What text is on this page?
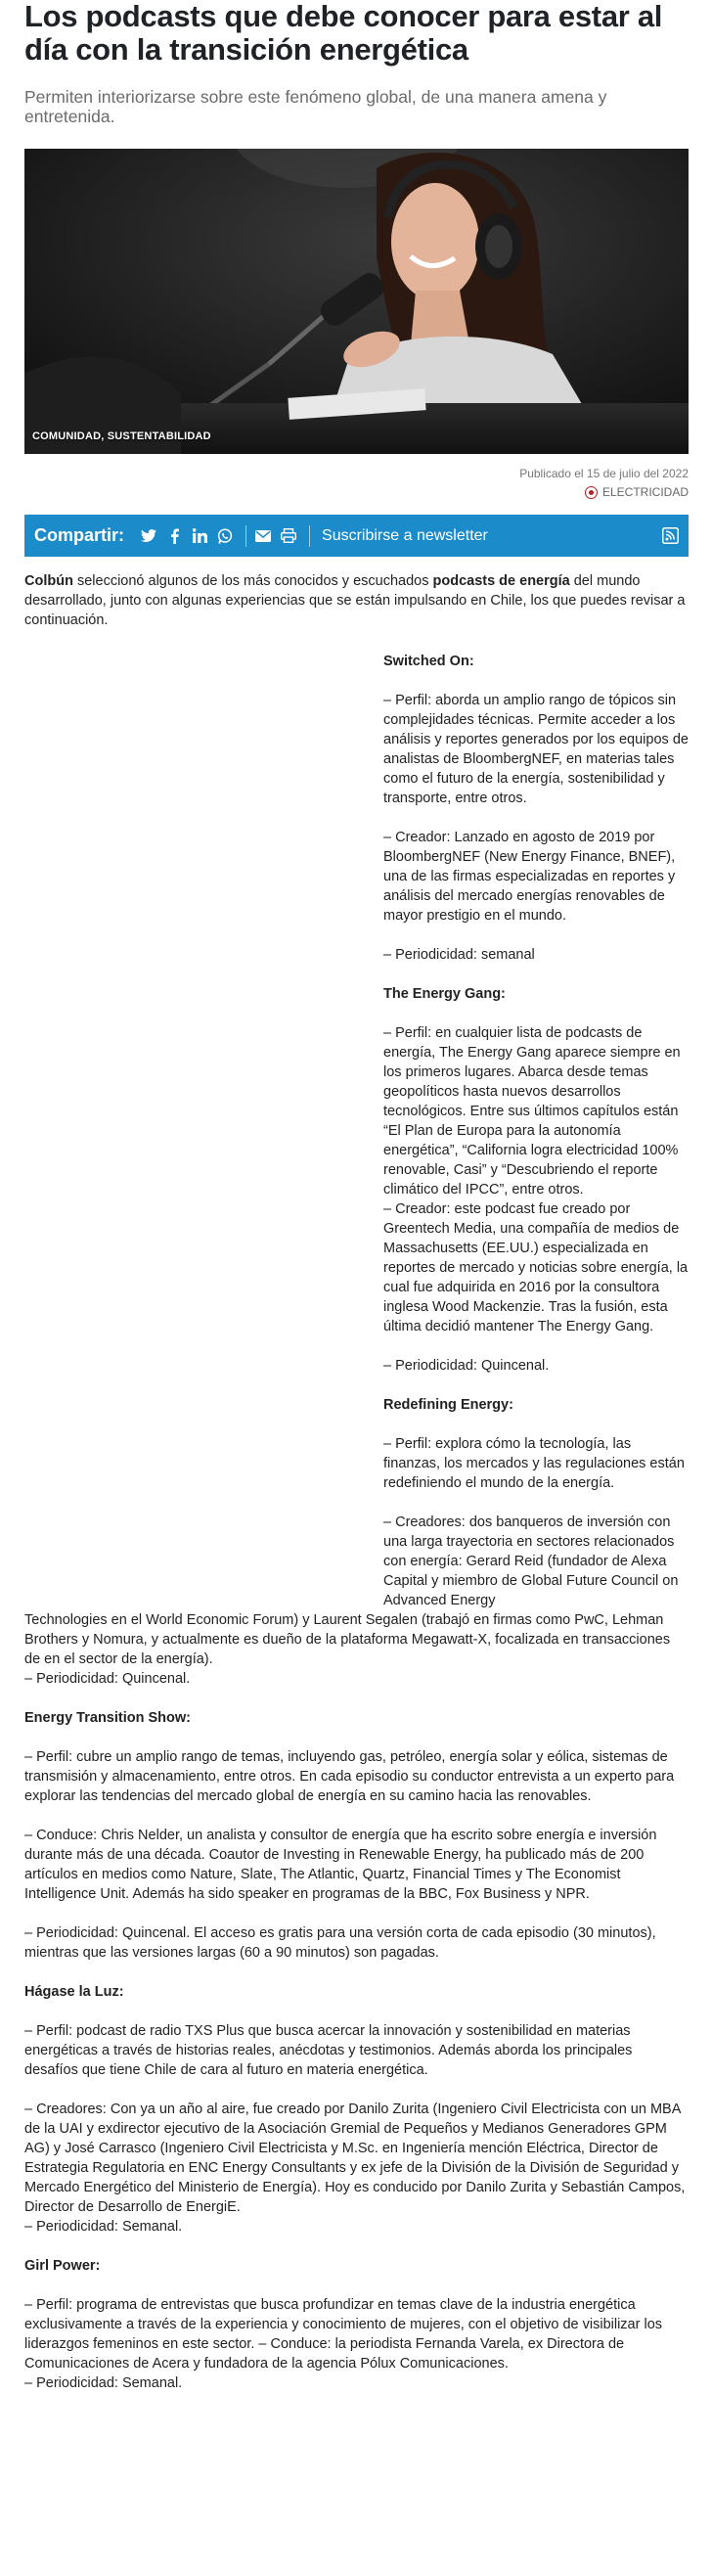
Los podcasts que debe conocer para estar al día con la transición energética

Permiten interiorizarse sobre este fenómeno global, de una manera amena y entretenida.

COMUNIDAD, SUSTENTABILIDAD
Publicado el 15 de julio del 2022
ELECTRICIDAD
Compartir:	Suscribirse a newsletter

Colbún seleccionó algunos de los más conocidos y escuchados podcasts de energía del mundo desarrollado, junto con algunas experiencias que se están impulsando en Chile, los que puedes revisar a continuación.

Switched On:

– Perfil: aborda un amplio rango de tópicos sin complejidades técnicas. Permite acceder a los análisis y reportes generados por los equipos de analistas de BloombergNEF, en materias tales como el futuro de la energía, sostenibilidad y transporte, entre otros.

– Creador: Lanzado en agosto de 2019 por BloombergNEF (New Energy Finance, BNEF), una de las firmas especializadas en reportes y análisis del mercado energías renovables de mayor prestigio en el mundo.

– Periodicidad: semanal

The Energy Gang:

– Perfil: en cualquier lista de podcasts de energía, The Energy Gang aparece siempre en los primeros lugares. Abarca desde temas geopolíticos hasta nuevos desarrollos tecnológicos. Entre sus últimos capítulos están “El Plan de Europa para la autonomía energética”, “California logra electricidad 100% renovable, Casi” y “Descubriendo el reporte climático del IPCC”, entre otros.

– Creador: este podcast fue creado por Greentech Media, una compañía de medios de Massachusetts (EE.UU.) especializada en reportes de mercado y noticias sobre energía, la cual fue adquirida en 2016 por la consultora inglesa Wood Mackenzie. Tras la fusión, esta última decidió mantener The Energy Gang.

– Periodicidad: Quincenal.

Redefining Energy:

– Perfil: explora cómo la tecnología, las finanzas, los mercados y las regulaciones están redefiniendo el mundo de la energía.

– Creadores: dos banqueros de inversión con una larga trayectoria en sectores relacionados con energía: Gerard Reid (fundador de Alexa Capital y miembro de Global Future Council on Advanced Energy

Technologies en el World Economic Forum) y Laurent Segalen (trabajó en firmas como PwC, Lehman Brothers y Nomura, y actualmente es dueño de la plataforma Megawatt-X, focalizada en transacciones de en el sector de la energía).

– Periodicidad: Quincenal.

Energy Transition Show:

– Perfil: cubre un amplio rango de temas, incluyendo gas, petróleo, energía solar y eólica, sistemas de transmisión y almacenamiento, entre otros. En cada episodio su conductor entrevista a un experto para explorar las tendencias del mercado global de energía en su camino hacia las renovables.

– Conduce: Chris Nelder, un analista y consultor de energía que ha escrito sobre energía e inversión durante más de una década. Coautor de Investing in Renewable Energy, ha publicado más de 200 artículos en medios como Nature, Slate, The Atlantic, Quartz, Financial Times y The Economist Intelligence Unit. Además ha sido speaker en programas de la BBC, Fox Business y NPR.

– Periodicidad: Quincenal. El acceso es gratis para una versión corta de cada episodio (30 minutos), mientras que las versiones largas (60 a 90 minutos) son pagadas.

Hágase la Luz:

– Perfil: podcast de radio TXS Plus que busca acercar la innovación y sostenibilidad en materias energéticas a través de historias reales, anécdotas y testimonios. Además aborda los principales desafíos que tiene Chile de cara al futuro en materia energética.

– Creadores: Con ya un año al aire, fue creado por Danilo Zurita (Ingeniero Civil Electricista con un MBA de la UAI y exdirector ejecutivo de la Asociación Gremial de Pequeños y Medianos Generadores GPM AG) y José Carrasco (Ingeniero Civil Electricista y M.Sc. en Ingeniería mención Eléctrica, Director de Estrategia Regulatoria en ENC Energy Consultants y ex jefe de la División de la División de Seguridad y Mercado Energético del Ministerio de Energía). Hoy es conducido por Danilo Zurita y Sebastián Campos, Director de Desarrollo de EnergiE.

– Periodicidad: Semanal.

Girl Power:

– Perfil: programa de entrevistas que busca profundizar en temas clave de la industria energética exclusivamente a través de la experiencia y conocimiento de mujeres, con el objetivo de visibilizar los liderazgos femeninos en este sector. – Conduce: la periodista Fernanda Varela, ex Directora de Comunicaciones de Acera y fundadora de la agencia Pólux Comunicaciones.

– Periodicidad: Semanal.
